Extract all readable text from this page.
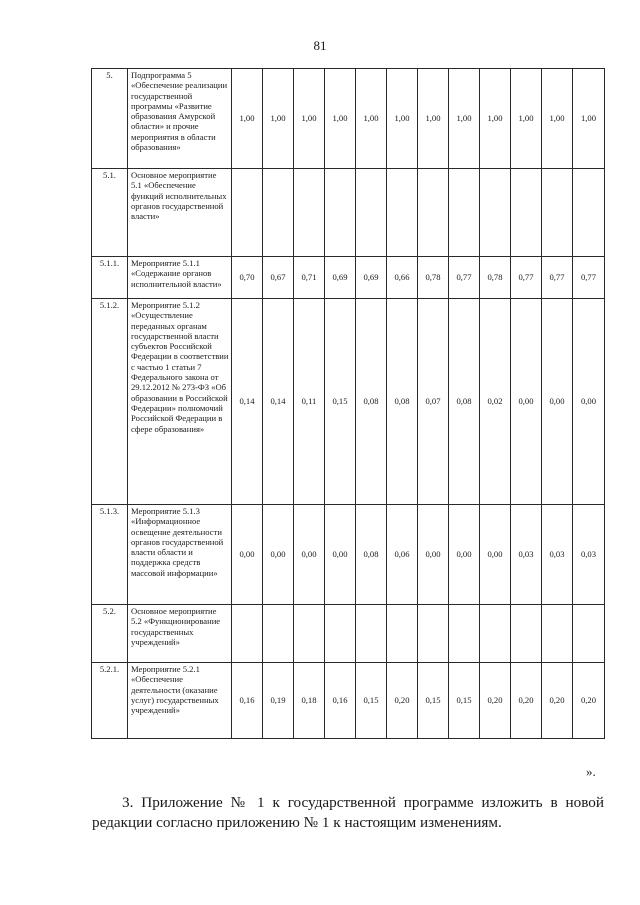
81
5.	Подпрограмма 5 «Обеспечение реализации государственной программы «Развитие образования Амурской области» и прочие мероприятия в области образования»	1,00	1,00	1,00	1,00	1,00	1,00	1,00	1,00	1,00	1,00	1,00	1,00
5.1.	Основное мероприятие 5.1 «Обеспечение функций исполнительных органов государственной власти»												
5.1.1.	Мероприятие 5.1.1 «Содержание органов исполнительной власти»	0,70	0,67	0,71	0,69	0,69	0,66	0,78	0,77	0,78	0,77	0,77	0,77
5.1.2.	Мероприятие 5.1.2 «Осуществление переданных органам государственной власти субъектов Российской Федерации в соответствии с частью 1 статьи 7 Федерального закона от 29.12.2012 № 273-ФЗ «Об образовании в Российской Федерации» полномочий Российской Федерации в сфере образования»	0,14	0,14	0,11	0,15	0,08	0,08	0,07	0,08	0,02	0,00	0,00	0,00
5.1.3.	Мероприятие 5.1.3 «Информационное освещение деятельности органов государственной власти области и поддержка средств массовой информации»	0,00	0,00	0,00	0,00	0,08	0,06	0,00	0,00	0,00	0,03	0,03	0,03
5.2.	Основное мероприятие 5.2 «Функционирование государственных учреждений»												
5.2.1.	Мероприятие 5.2.1 «Обеспечение деятельности (оказание услуг) государственных учреждений»	0,16	0,19	0,18	0,16	0,15	0,20	0,15	0,15	0,20	0,20	0,20	0,20
».
3. Приложение № 1 к государственной программе изложить в новой редакции согласно приложению № 1 к настоящим изменениям.
